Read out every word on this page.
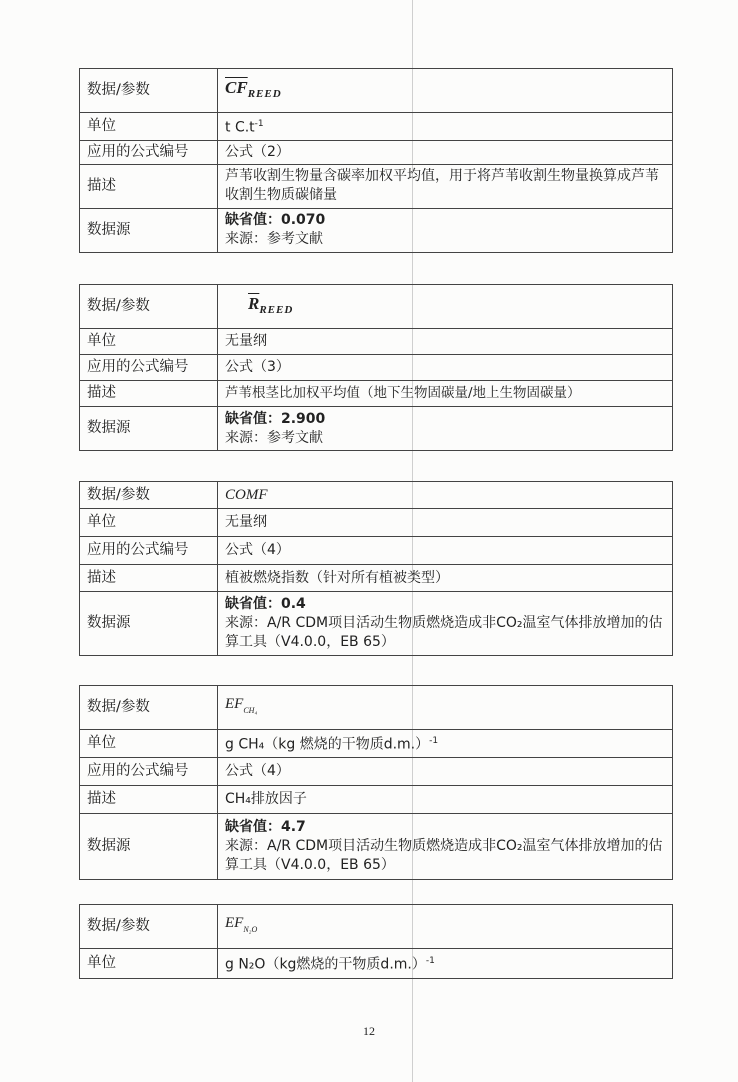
数据/参数	$\overline{CF}_{REED}$
单位	t $C.t^{-1}$
应用的公式编号	公式（2）
描述	芦苇收割生物量含碳率加权平均值，用于将芦苇收割生物量换算成芦苇收割生物质碳储量
数据源	缺省值：0.070
来源：参考文献
数据/参数	$\overline{R}_{REED}$
单位	无量纲
应用的公式编号	公式（3）
描述	芦苇根茎比加权平均值（地下生物固碳量/地上生物固碳量）
数据源	缺省值：2.900
来源：参考文献
数据/参数	COMF
单位	无量纲
应用的公式编号	公式（4）
描述	植被燃烧指数（针对所有植被类型）
数据源	缺省值：0.4
来源：A/R CDM项目活动生物质燃烧造成非CO₂温室气体排放增加的估算工具（V4.0.0，EB 65）
数据/参数	$EF_{CH_4}$
单位	g CH₄（kg 燃烧的干物质d.m.）$^{-1}$
应用的公式编号	公式（4）
描述	CH₄排放因子
数据源	缺省值：4.7
来源：A/R CDM项目活动生物质燃烧造成非CO₂温室气体排放增加的估算工具（V4.0.0，EB 65）
数据/参数	$EF_{N_2O}$
单位	g N₂O（kg燃烧的干物质d.m.）$^{-1}$
12
